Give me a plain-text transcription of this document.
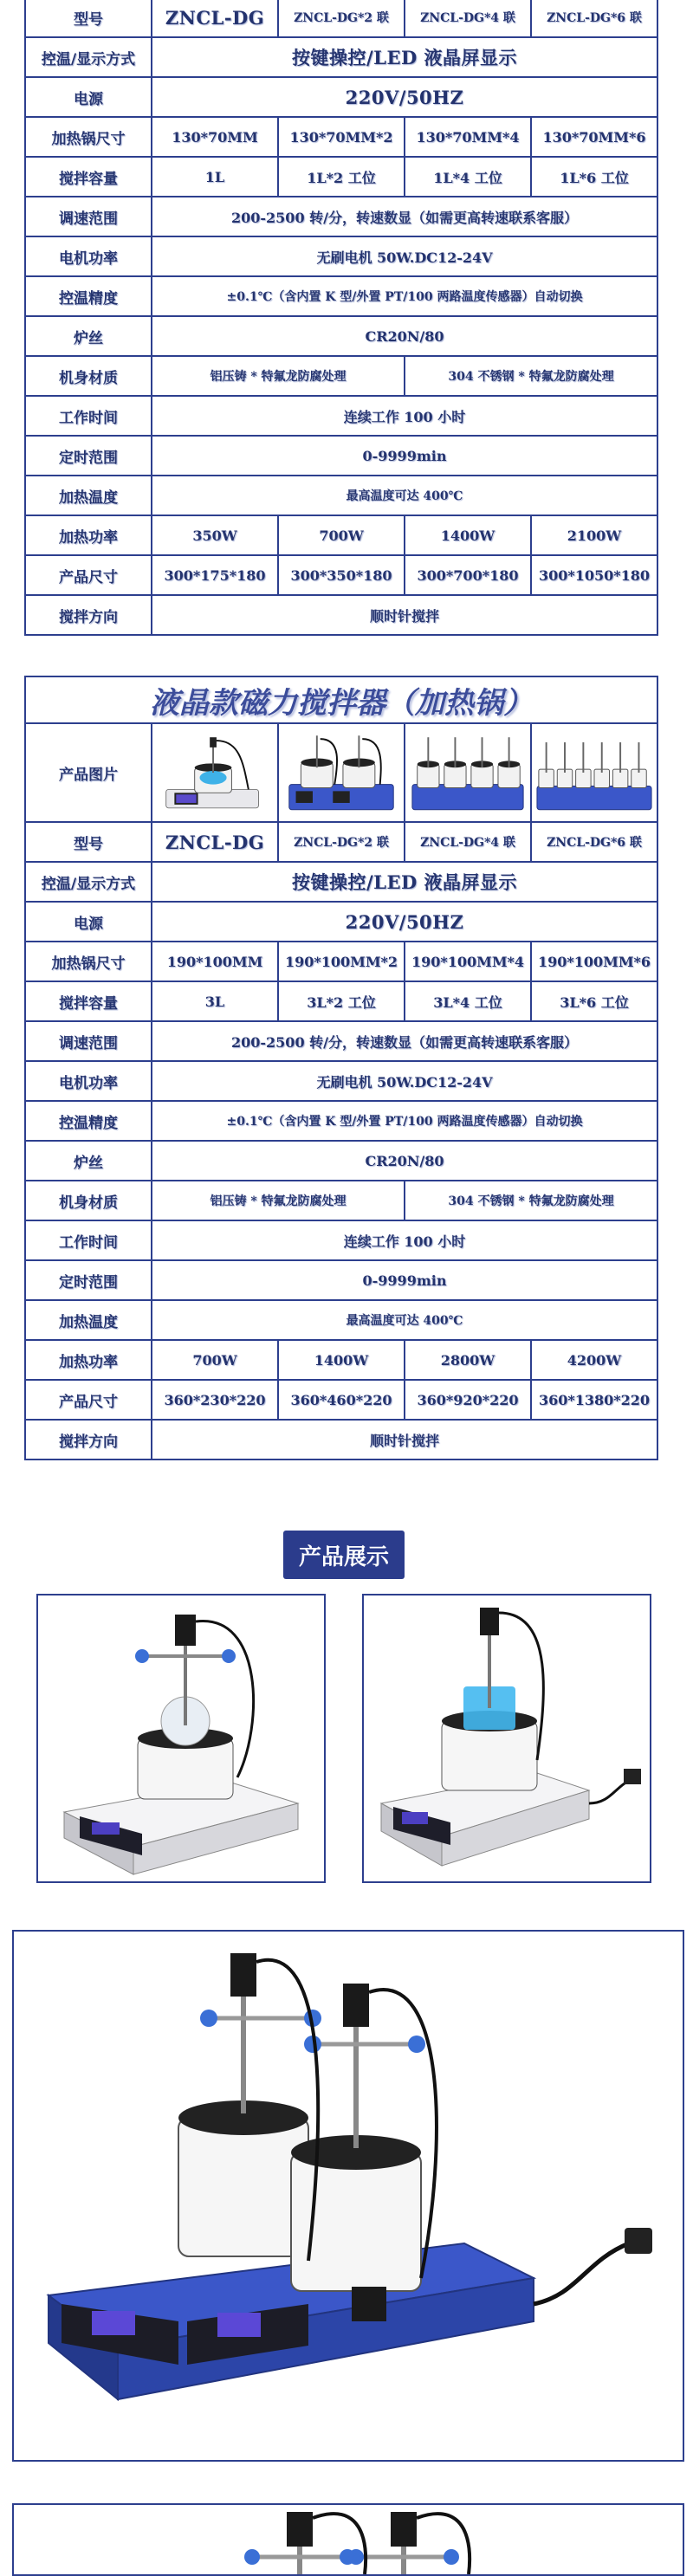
型号	ZNCL-DG	ZNCL-DG*2 联	ZNCL-DG*4 联	ZNCL-DG*6 联
控温/显示方式	按键操控/LED 液晶屏显示			
电源	220V/50HZ			
加热锅尺寸	130*70MM	130*70MM*2	130*70MM*4	130*70MM*6
搅拌容量	1L	1L*2 工位	1L*4 工位	1L*6 工位
调速范围	200-2500 转/分，转速数显（如需更高转速联系客服）			
电机功率	无刷电机 50W.DC12-24V			
控温精度	±0.1℃（含内置 K 型/外置 PT/100 两路温度传感器）自动切换			
炉丝	CR20N/80			
机身材质	铝压铸 * 特氟龙防腐处理		304 不锈钢 * 特氟龙防腐处理	
工作时间	连续工作 100 小时			
定时范围	0-9999min			
加热温度	最高温度可达 400℃			
加热功率	350W	700W	1400W	2100W
产品尺寸	300*175*180	300*350*180	300*700*180	300*1050*180
搅拌方向	顺时针搅拌			
液晶款磁力搅拌器（加热锅）				
产品图片	

型号	ZNCL-DG	ZNCL-DG*2 联	ZNCL-DG*4 联	ZNCL-DG*6 联
控温/显示方式	按键操控/LED 液晶屏显示			
电源	220V/50HZ			
加热锅尺寸	190*100MM	190*100MM*2	190*100MM*4	190*100MM*6
搅拌容量	3L	3L*2 工位	3L*4 工位	3L*6 工位
调速范围	200-2500 转/分，转速数显（如需更高转速联系客服）			
电机功率	无刷电机 50W.DC12-24V			
控温精度	±0.1℃（含内置 K 型/外置 PT/100 两路温度传感器）自动切换			
炉丝	CR20N/80			
机身材质	铝压铸 * 特氟龙防腐处理		304 不锈钢 * 特氟龙防腐处理	
工作时间	连续工作 100 小时			
定时范围	0-9999min			
加热温度	最高温度可达 400℃			
加热功率	700W	1400W	2800W	4200W
产品尺寸	360*230*220	360*460*220	360*920*220	360*1380*220
搅拌方向	顺时针搅拌			
产品展示
